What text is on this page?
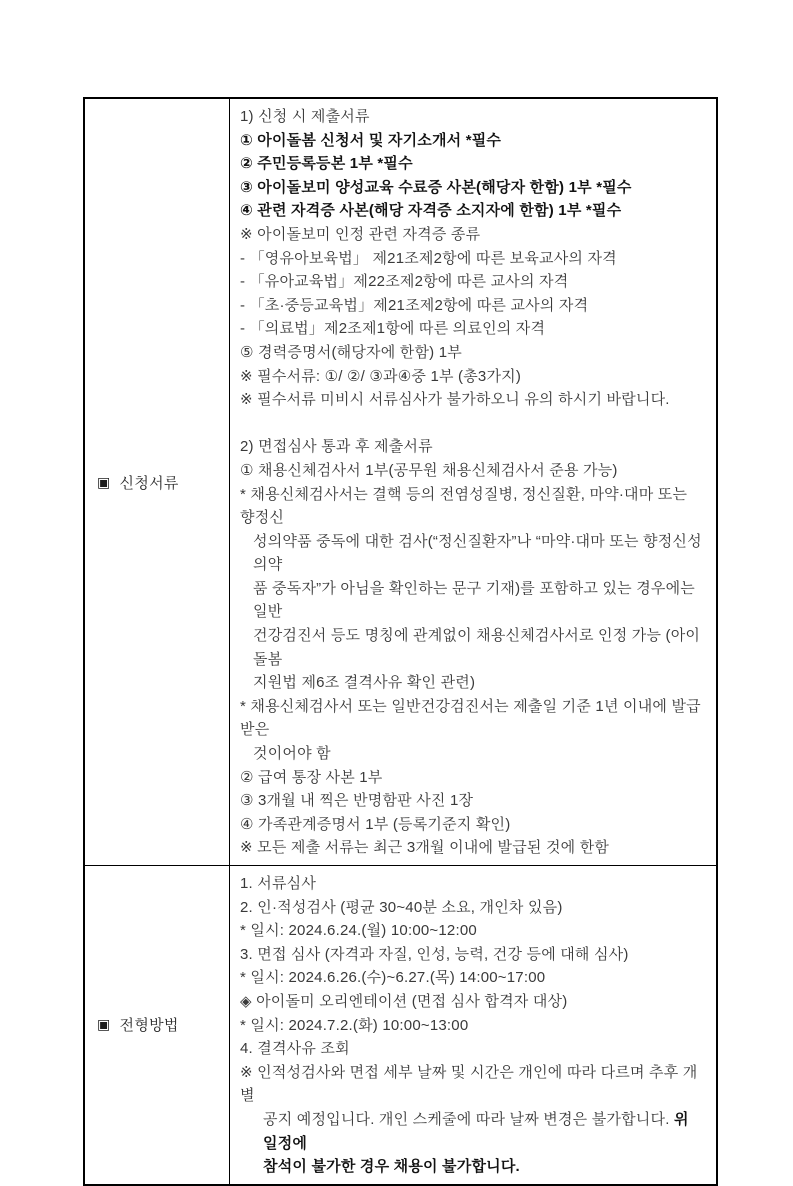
▣ 신청서류
1) 신청 시 제출서류
① 아이돌봄 신청서 및 자기소개서 *필수
② 주민등록등본 1부 *필수
③ 아이돌보미 양성교육 수료증 사본(해당자 한함) 1부 *필수
④ 관련 자격증 사본(해당 자격증 소지자에 한함) 1부 *필수
※ 아이돌보미 인정 관련 자격증 종류
- 「영유아보육법」 제21조제2항에 따른 보육교사의 자격
- 「유아교육법」제22조제2항에 따른 교사의 자격
- 「초·중등교육법」제21조제2항에 따른 교사의 자격
- 「의료법」제2조제1항에 따른 의료인의 자격
⑤ 경력증명서(해당자에 한함) 1부
※ 필수서류: ①/ ②/ ③과④중 1부 (총3가지)
※ 필수서류 미비시 서류심사가 불가하오니 유의 하시기 바랍니다.

2) 면접심사 통과 후 제출서류
① 채용신체검사서 1부(공무원 채용신체검사서 준용 가능)
* 채용신체검사서는 결핵 등의 전염성질병, 정신질환, 마약·대마 또는 향정신
성의약품 중독에 대한 검사(“정신질환자”나 “마약·대마 또는 향정신성의약
품 중독자”가 아님을 확인하는 문구 기재)를 포함하고 있는 경우에는 일반
건강검진서 등도 명칭에 관계없이 채용신체검사서로 인정 가능 (아이돌봄
지원법 제6조 결격사유 확인 관련)
* 채용신체검사서 또는 일반건강검진서는 제출일 기준 1년 이내에 발급받은
것이어야 함
② 급여 통장 사본 1부
③ 3개월 내 찍은 반명함판 사진 1장
④ 가족관계증명서 1부 (등록기준지 확인)
※ 모든 제출 서류는 최근 3개월 이내에 발급된 것에 한함
▣ 전형방법
1. 서류심사
2. 인·적성검사 (평균 30~40분 소요, 개인차 있음)
* 일시: 2024.6.24.(월) 10:00~12:00
3. 면접 심사 (자격과 자질, 인성, 능력, 건강 등에 대해 심사)
* 일시: 2024.6.26.(수)~6.27.(목) 14:00~17:00
◈ 아이돌미 오리엔테이션 (면접 심사 합격자 대상)
* 일시: 2024.7.2.(화) 10:00~13:00
4. 결격사유 조회
※ 인적성검사와 면접 세부 날짜 및 시간은 개인에 따라 다르며 추후 개별
공지 예정입니다. 개인 스케줄에 따라 날짜 변경은 불가합니다. 위 일정에
참석이 불가한 경우 채용이 불가합니다.
